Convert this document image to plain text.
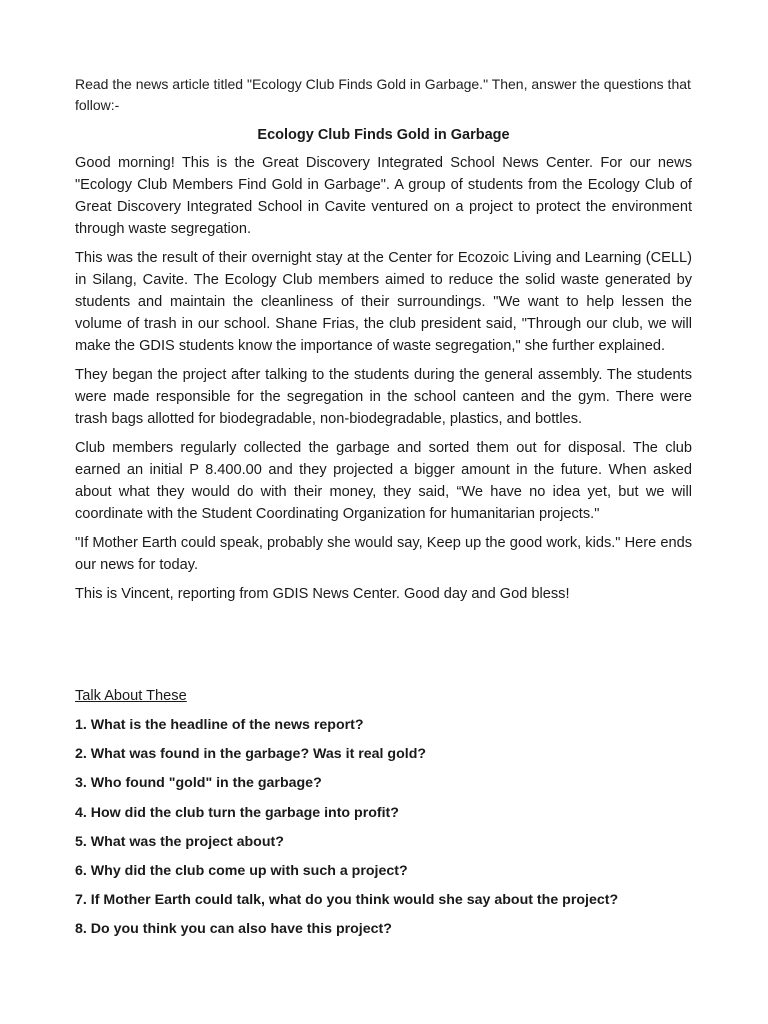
Read the news article titled "Ecology Club Finds Gold in Garbage." Then, answer the questions that follow:-
Ecology Club Finds Gold in Garbage

Good morning! This is the Great Discovery Integrated School News Center. For our news "Ecology Club Members Find Gold in Garbage". A group of students from the Ecology Club of Great Discovery Integrated School in Cavite ventured on a project to protect the environment through waste segregation.

This was the result of their overnight stay at the Center for Ecozoic Living and Learning (CELL) in Silang, Cavite. The Ecology Club members aimed to reduce the solid waste generated by students and maintain the cleanliness of their surroundings. "We want to help lessen the volume of trash in our school. Shane Frias, the club president said, "Through our club, we will make the GDIS students know the importance of waste segregation," she further explained.

They began the project after talking to the students during the general assembly. The students were made responsible for the segregation in the school canteen and the gym. There were trash bags allotted for biodegradable, non-biodegradable, plastics, and bottles.

Club members regularly collected the garbage and sorted them out for disposal. The club earned an initial P 8.400.00 and they projected a bigger amount in the future. When asked about what they would do with their money, they said, “We have no idea yet, but we will coordinate with the Student Coordinating Organization for humanitarian projects."

"If Mother Earth could speak, probably she would say, Keep up the good work, kids." Here ends our news for today.

This is Vincent, reporting from GDIS News Center. Good day and God bless!

Talk About These
1. What is the headline of the news report?
2. What was found in the garbage? Was it real gold?
3. Who found "gold" in the garbage?
4. How did the club turn the garbage into profit?
5. What was the project about?
6. Why did the club come up with such a project?
7. If Mother Earth could talk, what do you think would she say about the project?
8. Do you think you can also have this project?
